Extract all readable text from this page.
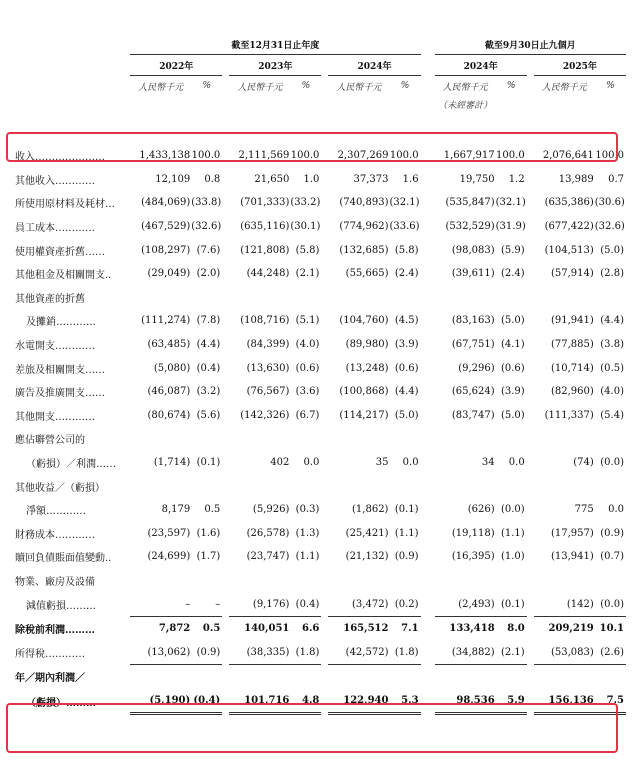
	截至12月31日止年度									截至9月30日止九個月				
	2022年			2023年			2024年			2024年			2025年	
	人民幣千元	%		人民幣千元	%		人民幣千元	%		人民幣千元	%		人民幣千元	%
										（未經審計）				

收入…………………	1,433,138	100.0		2,111,569	100.0		2,307,269	100.0		1,667,917	100.0		2,076,641	100.0
其他收入…………	12,109	0.8		21,650	1.0		37,373	1.6		19,750	1.2		13,989	0.7
所使用原材料及耗材…	(484,069)	(33.8)		(701,333)	(33.2)		(740,893)	(32.1)		(535,847)	(32.1)		(635,386)	(30.6)
員工成本…………	(467,529)	(32.6)		(635,116)	(30.1)		(774,962)	(33.6)		(532,529)	(31.9)		(677,422)	(32.6)
使用權資產折舊……	(108,297)	(7.6)		(121,808)	(5.8)		(132,685)	(5.8)		(98,083)	(5.9)		(104,513)	(5.0)
其他租金及相關開支..	(29,049)	(2.0)		(44,248)	(2.1)		(55,665)	(2.4)		(39,611)	(2.4)		(57,914)	(2.8)
其他資產的折舊														
及攤銷…………	(111,274)	(7.8)		(108,716)	(5.1)		(104,760)	(4.5)		(83,163)	(5.0)		(91,941)	(4.4)
水電開支…………	(63,485)	(4.4)		(84,399)	(4.0)		(89,980)	(3.9)		(67,751)	(4.1)		(77,885)	(3.8)
差旅及相關開支……	(5,080)	(0.4)		(13,630)	(0.6)		(13,248)	(0.6)		(9,296)	(0.6)		(10,714)	(0.5)
廣告及推廣開支……	(46,087)	(3.2)		(76,567)	(3.6)		(100,868)	(4.4)		(65,624)	(3.9)		(82,960)	(4.0)
其他開支…………	(80,674)	(5.6)		(142,326)	(6.7)		(114,217)	(5.0)		(83,747)	(5.0)		(111,337)	(5.4)
應佔聯營公司的														
（虧損）／利潤……	(1,714)	(0.1)		402	0.0		35	0.0		34	0.0		(74)	(0.0)
其他收益／（虧損）														
淨額…………	8,179	0.5		(5,926)	(0.3)		(1,862)	(0.1)		(626)	(0.0)		775	0.0
財務成本…………	(23,597)	(1.6)		(26,578)	(1.3)		(25,421)	(1.1)		(19,118)	(1.1)		(17,957)	(0.9)
贖回負債賬面值變動..	(24,699)	(1.7)		(23,747)	(1.1)		(21,132)	(0.9)		(16,395)	(1.0)		(13,941)	(0.7)
物業、廠房及設備														
減值虧損………	–	–		(9,176)	(0.4)		(3,472)	(0.2)		(2,493)	(0.1)		(142)	(0.0)
除稅前利潤………	7,872	0.5		140,051	6.6		165,512	7.1		133,418	8.0		209,219	10.1
所得稅…………	(13,062)	(0.9)		(38,335)	(1.8)		(42,572)	(1.8)		(34,882)	(2.1)		(53,083)	(2.6)
年／期內利潤／														
（虧損）………	(5,190)	(0.4)		101,716	4.8		122,940	5.3		98,536	5.9		156,136	7.5
